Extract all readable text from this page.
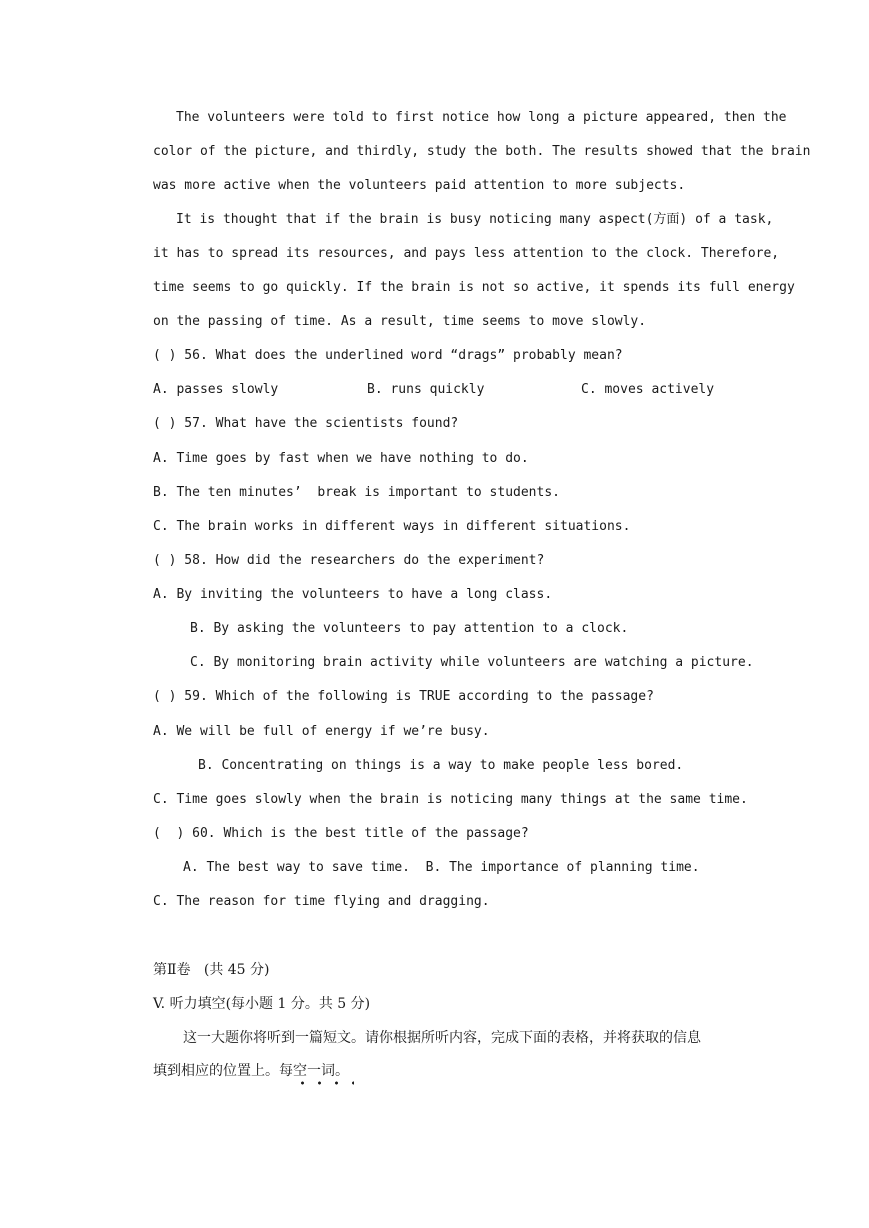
The volunteers were told to first notice how long a picture appeared, then the
color of the picture, and thirdly, study the both. The results showed that the brain
was more active when the volunteers paid attention to more subjects.
It is thought that if the brain is busy noticing many aspect(方面) of a task,
it has to spread its resources, and pays less attention to the clock. Therefore,
time seems to go quickly. If the brain is not so active, it spends its full energy
on the passing of time. As a result, time seems to move slowly.
( ) 56. What does the underlined word “drags” probably mean?
A. passes slowly	B. runs quickly	C. moves actively
( ) 57. What have the scientists found?
A. Time goes by fast when we have nothing to do.
B. The ten minutes’  break is important to students.
C. The brain works in different ways in different situations.
( ) 58. How did the researchers do the experiment?
A. By inviting the volunteers to have a long class.
B. By asking the volunteers to pay attention to a clock.
C. By monitoring brain activity while volunteers are watching a picture.
( ) 59. Which of the following is TRUE according to the passage?
A. We will be full of energy if we’re busy.
B. Concentrating on things is a way to make people less bored.
C. Time goes slowly when the brain is noticing many things at the same time.
(  ) 60. Which is the best title of the passage?
A. The best way to save time.  B. The importance of planning time.
C. The reason for time flying and dragging.
第Ⅱ卷   (共 45 分)
V. 听力填空(每小题 1 分。共 5 分)
这一大题你将听到一篇短文。请你根据所听内容，完成下面的表格，并将获取的信息
填到相应的位置上。每空一词。
